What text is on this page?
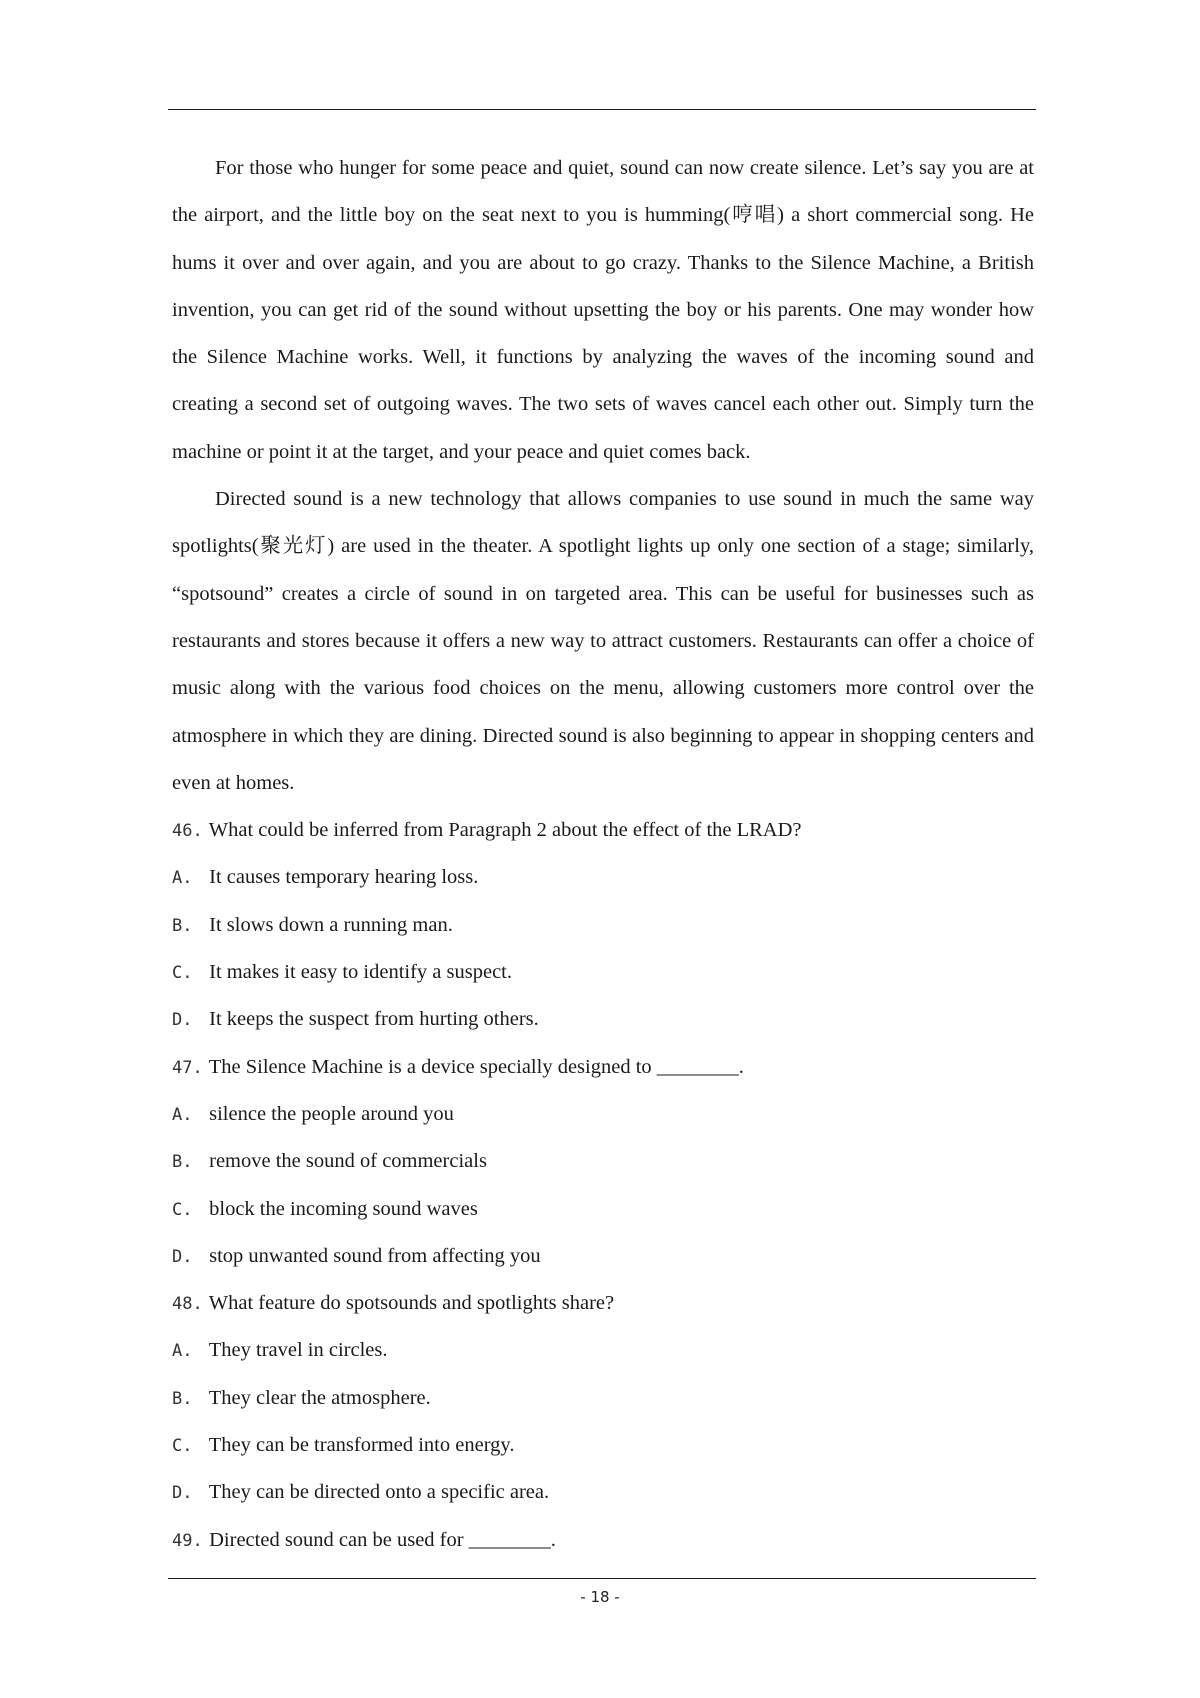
For those who hunger for some peace and quiet, sound can now create silence. Let’s say you are at the airport, and the little boy on the seat next to you is humming(哼唱) a short commercial song. He hums it over and over again, and you are about to go crazy. Thanks to the Silence Machine, a British invention, you can get rid of the sound without upsetting the boy or his parents. One may wonder how the Silence Machine works. Well, it functions by analyzing the waves of the incoming sound and creating a second set of outgoing waves. The two sets of waves cancel each other out. Simply turn the machine or point it at the target, and your peace and quiet comes back.

Directed sound is a new technology that allows companies to use sound in much the same way spotlights(聚光灯) are used in the theater. A spotlight lights up only one section of a stage; similarly, “spotsound” creates a circle of sound in on targeted area. This can be useful for businesses such as restaurants and stores because it offers a new way to attract customers. Restaurants can offer a choice of music along with the various food choices on the menu, allowing customers more control over the atmosphere in which they are dining. Directed sound is also beginning to appear in shopping centers and even at homes.

46. What could be inferred from Paragraph 2 about the effect of the LRAD?
A. It causes temporary hearing loss.
B. It slows down a running man.
C. It makes it easy to identify a suspect.
D. It keeps the suspect from hurting others.
47. The Silence Machine is a device specially designed to ________.
A. silence the people around you
B. remove the sound of commercials
C. block the incoming sound waves
D. stop unwanted sound from affecting you
48. What feature do spotsounds and spotlights share?
A. They travel in circles.
B. They clear the atmosphere.
C. They can be transformed into energy.
D. They can be directed onto a specific area.
49. Directed sound can be used for ________.
- 18 -
